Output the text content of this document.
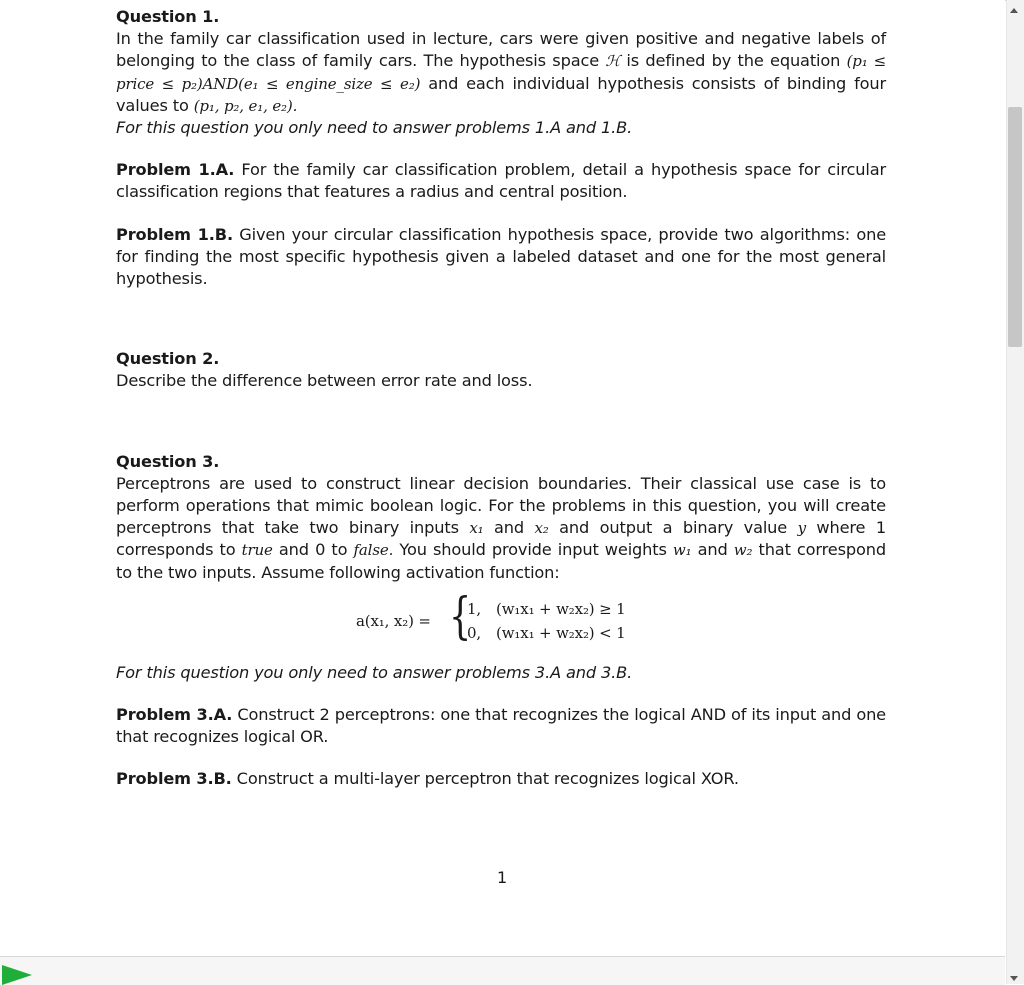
Question 1.

In the family car classification used in lecture, cars were given positive and negative labels of belonging to the class of family cars. The hypothesis space ℋ is defined by the equation (p₁ ≤ price ≤ p₂)AND(e₁ ≤ engine_size ≤ e₂) and each individual hypothesis consists of binding four values to (p₁, p₂, e₁, e₂).

For this question you only need to answer problems 1.A and 1.B.

Problem 1.A. For the family car classification problem, detail a hypothesis space for circular classification regions that features a radius and central position.

Problem 1.B. Given your circular classification hypothesis space, provide two algorithms: one for finding the most specific hypothesis given a labeled dataset and one for the most general hypothesis.

Question 2.

Describe the difference between error rate and loss.

Question 3.

Perceptrons are used to construct linear decision boundaries. Their classical use case is to perform operations that mimic boolean logic. For the problems in this question, you will create perceptrons that take two binary inputs x₁ and x₂ and output a binary value y where 1 corresponds to true and 0 to false. You should provide input weights w₁ and w₂ that correspond to the two inputs. Assume following activation function:

a(x₁, x₂) = {
1, (w₁x₁ + w₂x₂) ≥ 1
0, (w₁x₁ + w₂x₂) < 1

For this question you only need to answer problems 3.A and 3.B.

Problem 3.A. Construct 2 perceptrons: one that recognizes the logical AND of its input and one that recognizes logical OR.

Problem 3.B. Construct a multi-layer perceptron that recognizes logical XOR.

1
